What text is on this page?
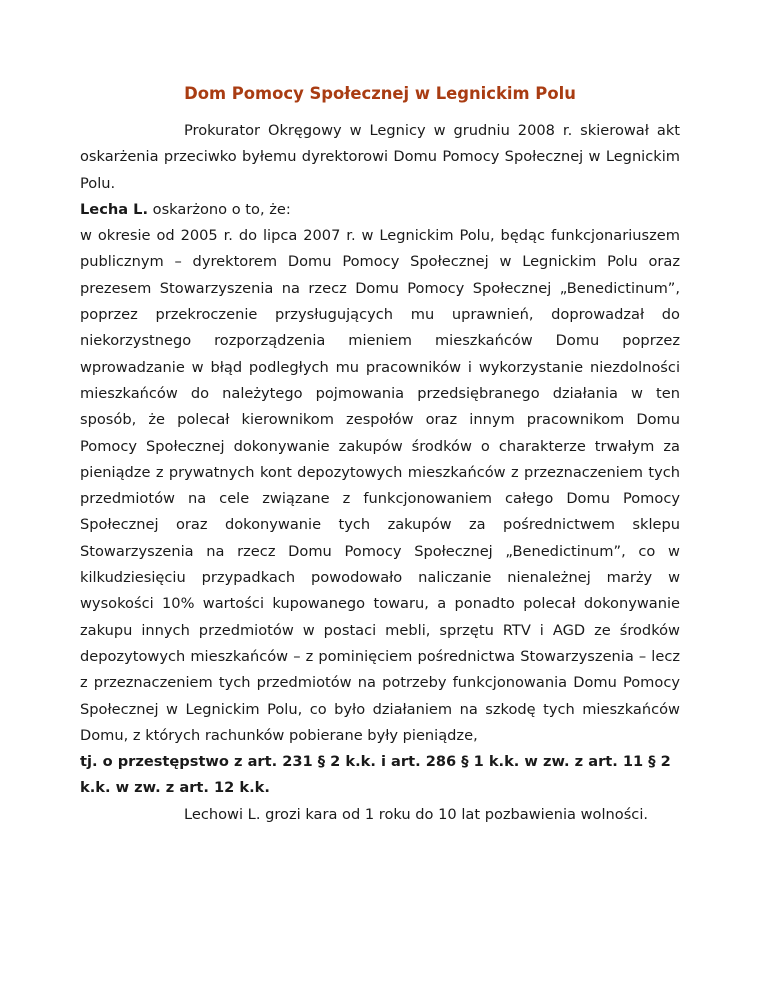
Dom Pomocy Społecznej w Legnickim Polu

Prokurator Okręgowy w Legnicy w grudniu 2008 r. skierował akt oskarżenia przeciwko byłemu dyrektorowi Domu Pomocy Społecznej w Legnickim Polu.

Lecha L. oskarżono o to, że:

w okresie od 2005 r. do lipca 2007 r. w Legnickim Polu, będąc funkcjonariuszem publicznym – dyrektorem Domu Pomocy Społecznej w Legnickim Polu oraz prezesem Stowarzyszenia na rzecz Domu Pomocy Społecznej „Benedictinum”, poprzez przekroczenie przysługujących mu uprawnień, doprowadzał do niekorzystnego rozporządzenia mieniem mieszkańców Domu poprzez wprowadzanie w błąd podległych mu pracowników i wykorzystanie niezdolności mieszkańców do należytego pojmowania przedsiębranego działania w ten sposób, że polecał kierownikom zespołów oraz innym pracownikom Domu Pomocy Społecznej dokonywanie zakupów środków o charakterze trwałym za pieniądze z prywatnych kont depozytowych mieszkańców z przeznaczeniem tych przedmiotów na cele związane z funkcjonowaniem całego Domu Pomocy Społecznej oraz dokonywanie tych zakupów za pośrednictwem sklepu Stowarzyszenia na rzecz Domu Pomocy Społecznej „Benedictinum”, co w kilkudziesięciu przypadkach powodowało naliczanie nienależnej marży w wysokości 10% wartości kupowanego towaru, a ponadto polecał dokonywanie zakupu innych przedmiotów w postaci mebli, sprzętu RTV i AGD ze środków depozytowych mieszkańców – z pominięciem pośrednictwa Stowarzyszenia – lecz z przeznaczeniem tych przedmiotów na potrzeby funkcjonowania Domu Pomocy Społecznej w Legnickim Polu, co było działaniem na szkodę tych mieszkańców Domu, z których rachunków pobierane były pieniądze,

tj. o przestępstwo z art. 231 § 2 k.k. i art. 286 § 1 k.k. w zw. z art. 11 § 2 k.k. w zw. z art. 12 k.k.

Lechowi L. grozi kara od 1 roku do 10 lat pozbawienia wolności.
